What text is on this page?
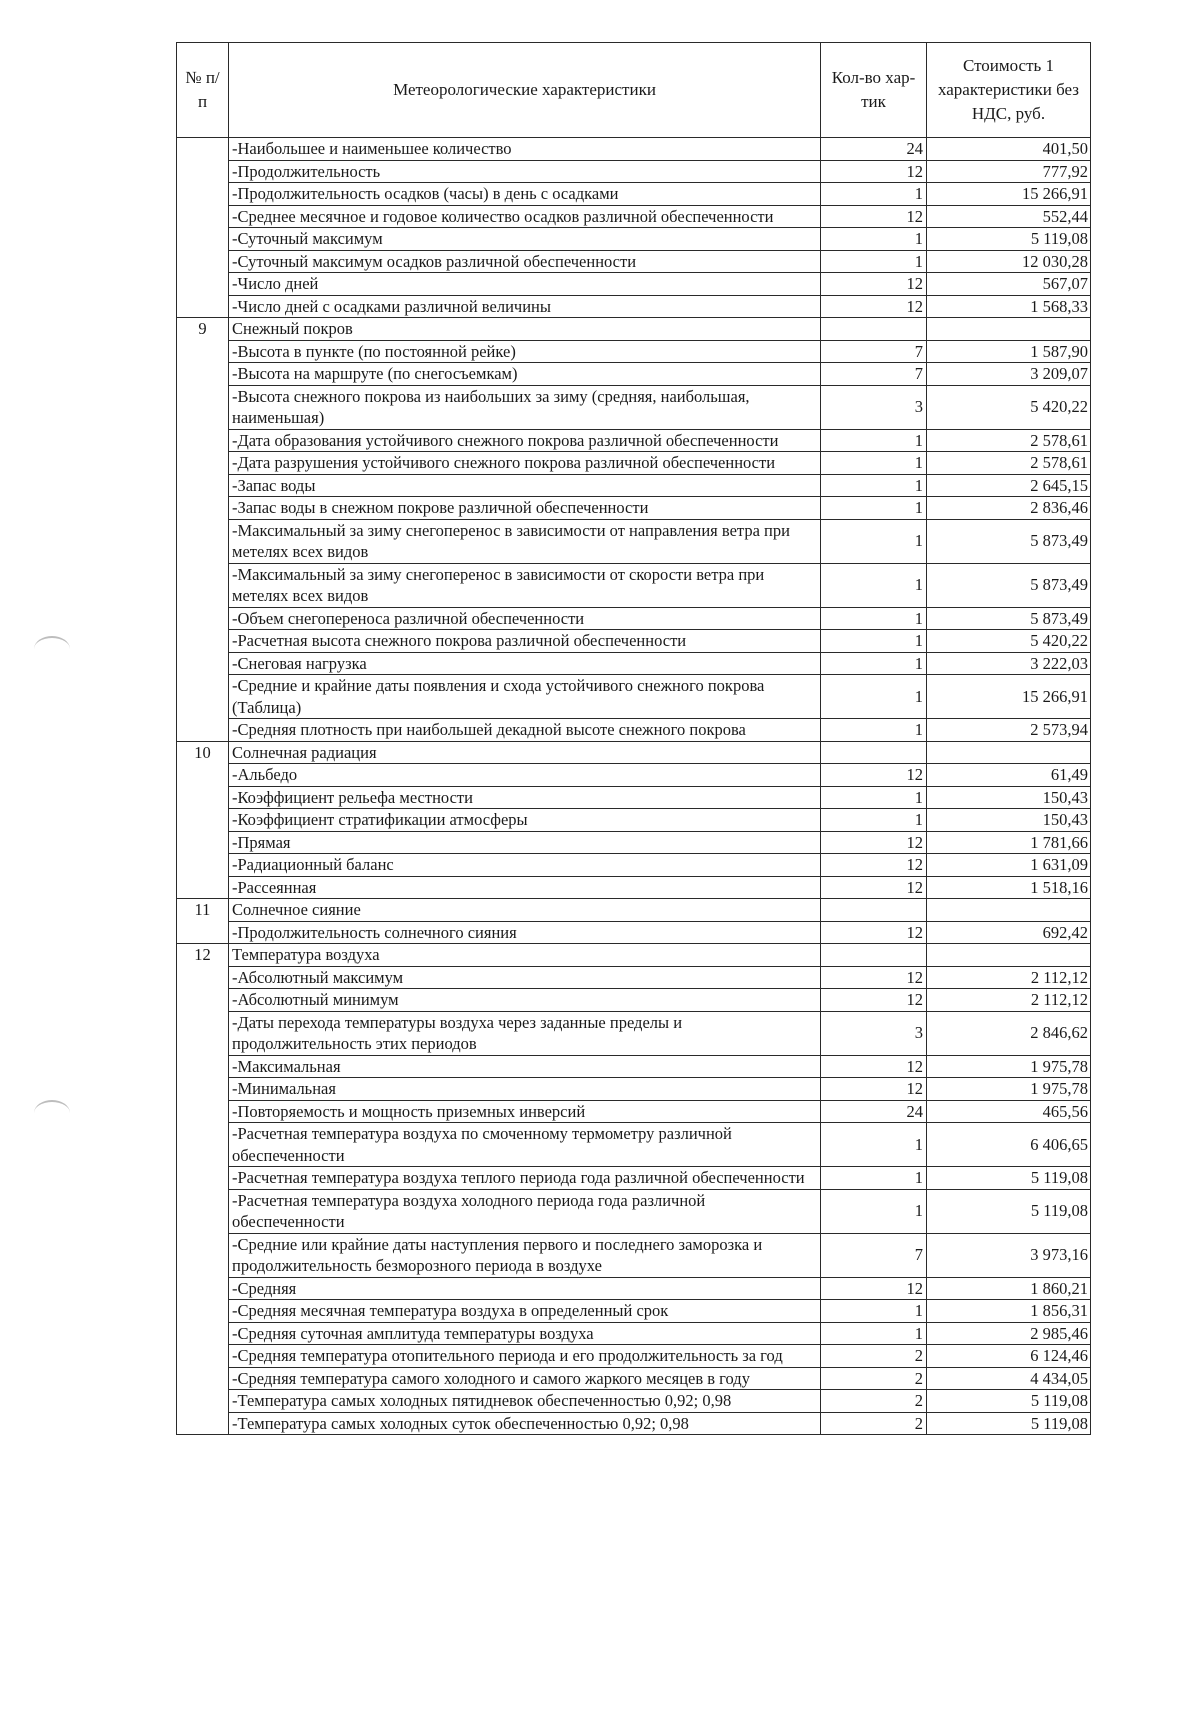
№ п/п	Метеорологические характеристики	Кол-во хар-тик	Стоимость 1 характеристики без НДС, руб.
	-Наибольшее и наименьшее количество	24	401,50
	-Продолжительность	12	777,92
	-Продолжительность осадков (часы) в день с осадками	1	15 266,91
	-Среднее месячное и годовое количество осадков различной обеспеченности	12	552,44
	-Суточный максимум	1	5 119,08
	-Суточный максимум осадков различной обеспеченности	1	12 030,28
	-Число дней	12	567,07
	-Число дней с осадками различной величины	12	1 568,33
9	Снежный покров		
	-Высота в пункте (по постоянной рейке)	7	1 587,90
	-Высота на маршруте (по снегосъемкам)	7	3 209,07
	-Высота снежного покрова из наибольших за зиму (средняя, наибольшая, наименьшая)	3	5 420,22
	-Дата образования устойчивого снежного покрова различной обеспеченности	1	2 578,61
	-Дата разрушения устойчивого снежного покрова различной обеспеченности	1	2 578,61
	-Запас воды	1	2 645,15
	-Запас воды в снежном покрове различной обеспеченности	1	2 836,46
	-Максимальный за зиму снегоперенос в зависимости от направления ветра при метелях всех видов	1	5 873,49
	-Максимальный за зиму снегоперенос в зависимости от скорости ветра при метелях всех видов	1	5 873,49
	-Объем снегопереноса различной обеспеченности	1	5 873,49
	-Расчетная высота снежного покрова различной обеспеченности	1	5 420,22
	-Снеговая нагрузка	1	3 222,03
	-Средние и крайние даты появления и схода устойчивого снежного покрова (Таблица)	1	15 266,91
	-Средняя плотность при наибольшей декадной высоте снежного покрова	1	2 573,94
10	Солнечная радиация		
	-Альбедо	12	61,49
	-Коэффициент рельефа местности	1	150,43
	-Коэффициент стратификации атмосферы	1	150,43
	-Прямая	12	1 781,66
	-Радиационный баланс	12	1 631,09
	-Рассеянная	12	1 518,16
11	Солнечное сияние		
	-Продолжительность солнечного сияния	12	692,42
12	Температура воздуха		
	-Абсолютный максимум	12	2 112,12
	-Абсолютный минимум	12	2 112,12
	-Даты перехода температуры воздуха через заданные пределы и продолжительность этих периодов	3	2 846,62
	-Максимальная	12	1 975,78
	-Минимальная	12	1 975,78
	-Повторяемость и мощность приземных инверсий	24	465,56
	-Расчетная температура воздуха по смоченному термометру различной обеспеченности	1	6 406,65
	-Расчетная температура воздуха теплого периода года различной обеспеченности	1	5 119,08
	-Расчетная температура воздуха холодного периода года различной обеспеченности	1	5 119,08
	-Средние или крайние даты наступления первого и последнего заморозка и продолжительность безморозного периода в воздухе	7	3 973,16
	-Средняя	12	1 860,21
	-Средняя месячная температура воздуха в определенный срок	1	1 856,31
	-Средняя суточная амплитуда температуры воздуха	1	2 985,46
	-Средняя температура отопительного периода и его продолжительность за год	2	6 124,46
	-Средняя температура самого холодного и самого жаркого месяцев в году	2	4 434,05
	-Температура самых холодных пятидневок обеспеченностью 0,92; 0,98	2	5 119,08
	-Температура самых холодных суток обеспеченностью 0,92; 0,98	2	5 119,08
